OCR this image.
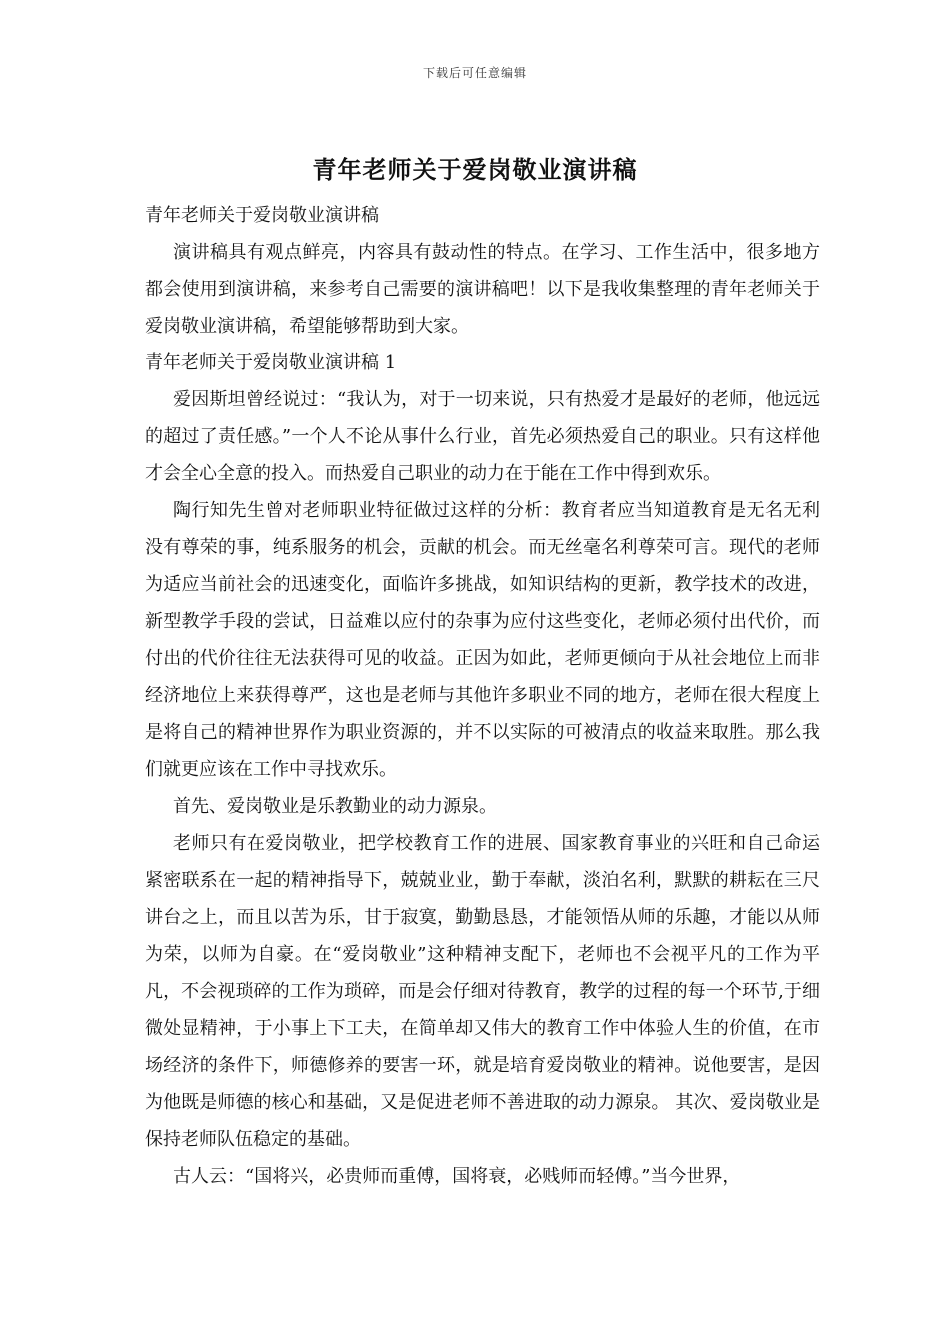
下载后可任意编辑
青年老师关于爱岗敬业演讲稿

青年老师关于爱岗敬业演讲稿

演讲稿具有观点鲜亮，内容具有鼓动性的特点。在学习、工作生活中，很多地方都会使用到演讲稿，来参考自己需要的演讲稿吧！以下是我收集整理的青年老师关于爱岗敬业演讲稿，希望能够帮助到大家。

青年老师关于爱岗敬业演讲稿 1

爱因斯坦曾经说过：“我认为，对于一切来说，只有热爱才是最好的老师，他远远的超过了责任感。”一个人不论从事什么行业，首先必须热爱自己的职业。只有这样他才会全心全意的投入。而热爱自己职业的动力在于能在工作中得到欢乐。

陶行知先生曾对老师职业特征做过这样的分析：教育者应当知道教育是无名无利没有尊荣的事，纯系服务的机会，贡献的机会。而无丝毫名利尊荣可言。现代的老师为适应当前社会的迅速变化，面临许多挑战，如知识结构的更新，教学技术的改进，新型教学手段的尝试，日益难以应付的杂事为应付这些变化，老师必须付出代价，而付出的代价往往无法获得可见的收益。正因为如此，老师更倾向于从社会地位上而非经济地位上来获得尊严，这也是老师与其他许多职业不同的地方，老师在很大程度上是将自己的精神世界作为职业资源的，并不以实际的可被清点的收益来取胜。那么我们就更应该在工作中寻找欢乐。

首先、爱岗敬业是乐教勤业的动力源泉。

老师只有在爱岗敬业，把学校教育工作的进展、国家教育事业的兴旺和自己命运紧密联系在一起的精神指导下，兢兢业业，勤于奉献，淡泊名利，默默的耕耘在三尺讲台之上，而且以苦为乐，甘于寂寞，勤勤恳恳，才能领悟从师的乐趣，才能以从师为荣，以师为自豪。在“爱岗敬业”这种精神支配下，老师也不会视平凡的工作为平凡，不会视琐碎的工作为琐碎，而是会仔细对待教育，教学的过程的每一个环节,于细微处显精神，于小事上下工夫，在简单却又伟大的教育工作中体验人生的价值，在市场经济的条件下，师德修养的要害一环，就是培育爱岗敬业的精神。说他要害，是因为他既是师德的核心和基础，又是促进老师不善进取的动力源泉。 其次、爱岗敬业是保持老师队伍稳定的基础。

古人云：“国将兴，必贵师而重傅，国将衰，必贱师而轻傅。”当今世界，
